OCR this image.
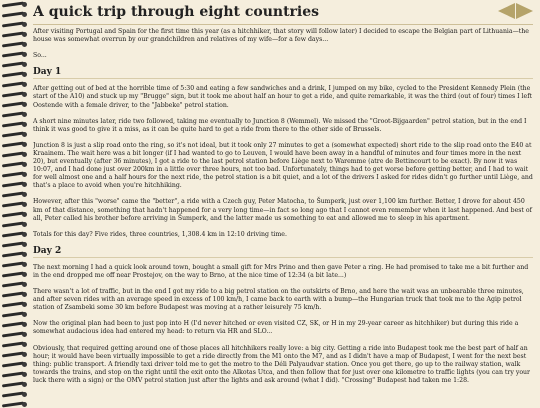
A quick trip through eight countries

After visiting Portugal and Spain for the first time this year (as a hitchhiker, that story will follow later) I decided to escape the Belgian part of Lithuania—the house was somewhat overrun by our grandchildren and relatives of my wife—for a few days...

So...

Day 1

After getting out of bed at the horrible time of 5:30 and eating a few sandwiches and a drink, I jumped on my bike, cycled to the President Kennedy Plein (the start of the A10) and stuck up my "Brugge" sign, but it took me about half an hour to get a ride, and quite remarkable, it was the third (out of four) times I left Oostende with a female driver, to the "Jabbeke" petrol station.

A short nine minutes later, ride two followed, taking me eventually to Junction 8 (Wemmel). We missed the "Groot-Bijgaarden" petrol station, but in the end I think it was good to give it a miss, as it can be quite hard to get a ride from there to the other side of Brussels.

Junction 8 is just a slip road onto the ring, so it's not ideal, but it took only 27 minutes to get a (somewhat expected) short ride to the slip road onto the E40 at Kraainem. The wait here was a bit longer (if I had wanted to go to Leuven, I would have been away in a handful of minutes and four times more in the next 20), but eventually (after 36 minutes), I got a ride to the last petrol station before Liège next to Waremme (atre de Bettincourt to be exact). By now it was 10:07, and I had done just over 200km in a little over three hours, not too bad. Unfortunately, things had to get worse before getting better, and I had to wait for well almost one and a half hours for the next ride, the petrol station is a bit quiet, and a lot of the drivers I asked for rides didn't go further until Liège, and that's a place to avoid when you're hitchhiking.

However, after this "worse" came the "better", a ride with a Czech guy, Peter Matocha, to Šumperk, just over 1,100 km further. Better, I drove for about 450 km of that distance, something that hadn't happened for a very long time—in fact so long ago that I cannot even remember when it last happened. And best of all, Peter called his brother before arriving in Šumperk, and the latter made us something to eat and allowed me to sleep in his apartment.

Totals for this day? Five rides, three countries, 1,308.4 km in 12:10 driving time.

Day 2

The next morning I had a quick look around town, bought a small gift for Mrs Prino and then gave Peter a ring. He had promised to take me a bit further and in the end dropped me off near Prostejov, on the way to Brno, at the nice time of 12:34 (a bit late...)

There wasn't a lot of traffic, but in the end I got my ride to a big petrol station on the outskirts of Brno, and here the wait was an unbearable three minutes, and after seven rides with an average speed in excess of 100 km/h, I came back to earth with a bump—the Hungarian truck that took me to the Agip petrol station of Zsambeki some 30 km before Budapest was moving at a rather leisurely 75 km/h.

Now the original plan had been to just pop into H (I'd never hitched or even visited CZ, SK, or H in my 29-year career as hitchhiker) but during this ride a somewhat audacious idea had entered my head: to return via HR and SLO...

Obviously, that required getting around one of those places all hitchhikers really love: a big city. Getting a ride into Budapest took me the best part of half an hour; it would have been virtually impossible to get a ride directly from the M1 onto the M7, and as I didn't have a map of Budapest, I went for the next best thing: public transport. A friendly taxi driver told me to get the metro to the Déli Palyaudvar station. Once you get there, go up to the railway station, walk towards the trains, and stop on the right until the exit onto the Alkotas Utca, and then follow that for just over one kilometre to traffic lights (you can try your luck there with a sign) or the OMV petrol station just after the lights and ask around (what I did). "Crossing" Budapest had taken me 1:28.
